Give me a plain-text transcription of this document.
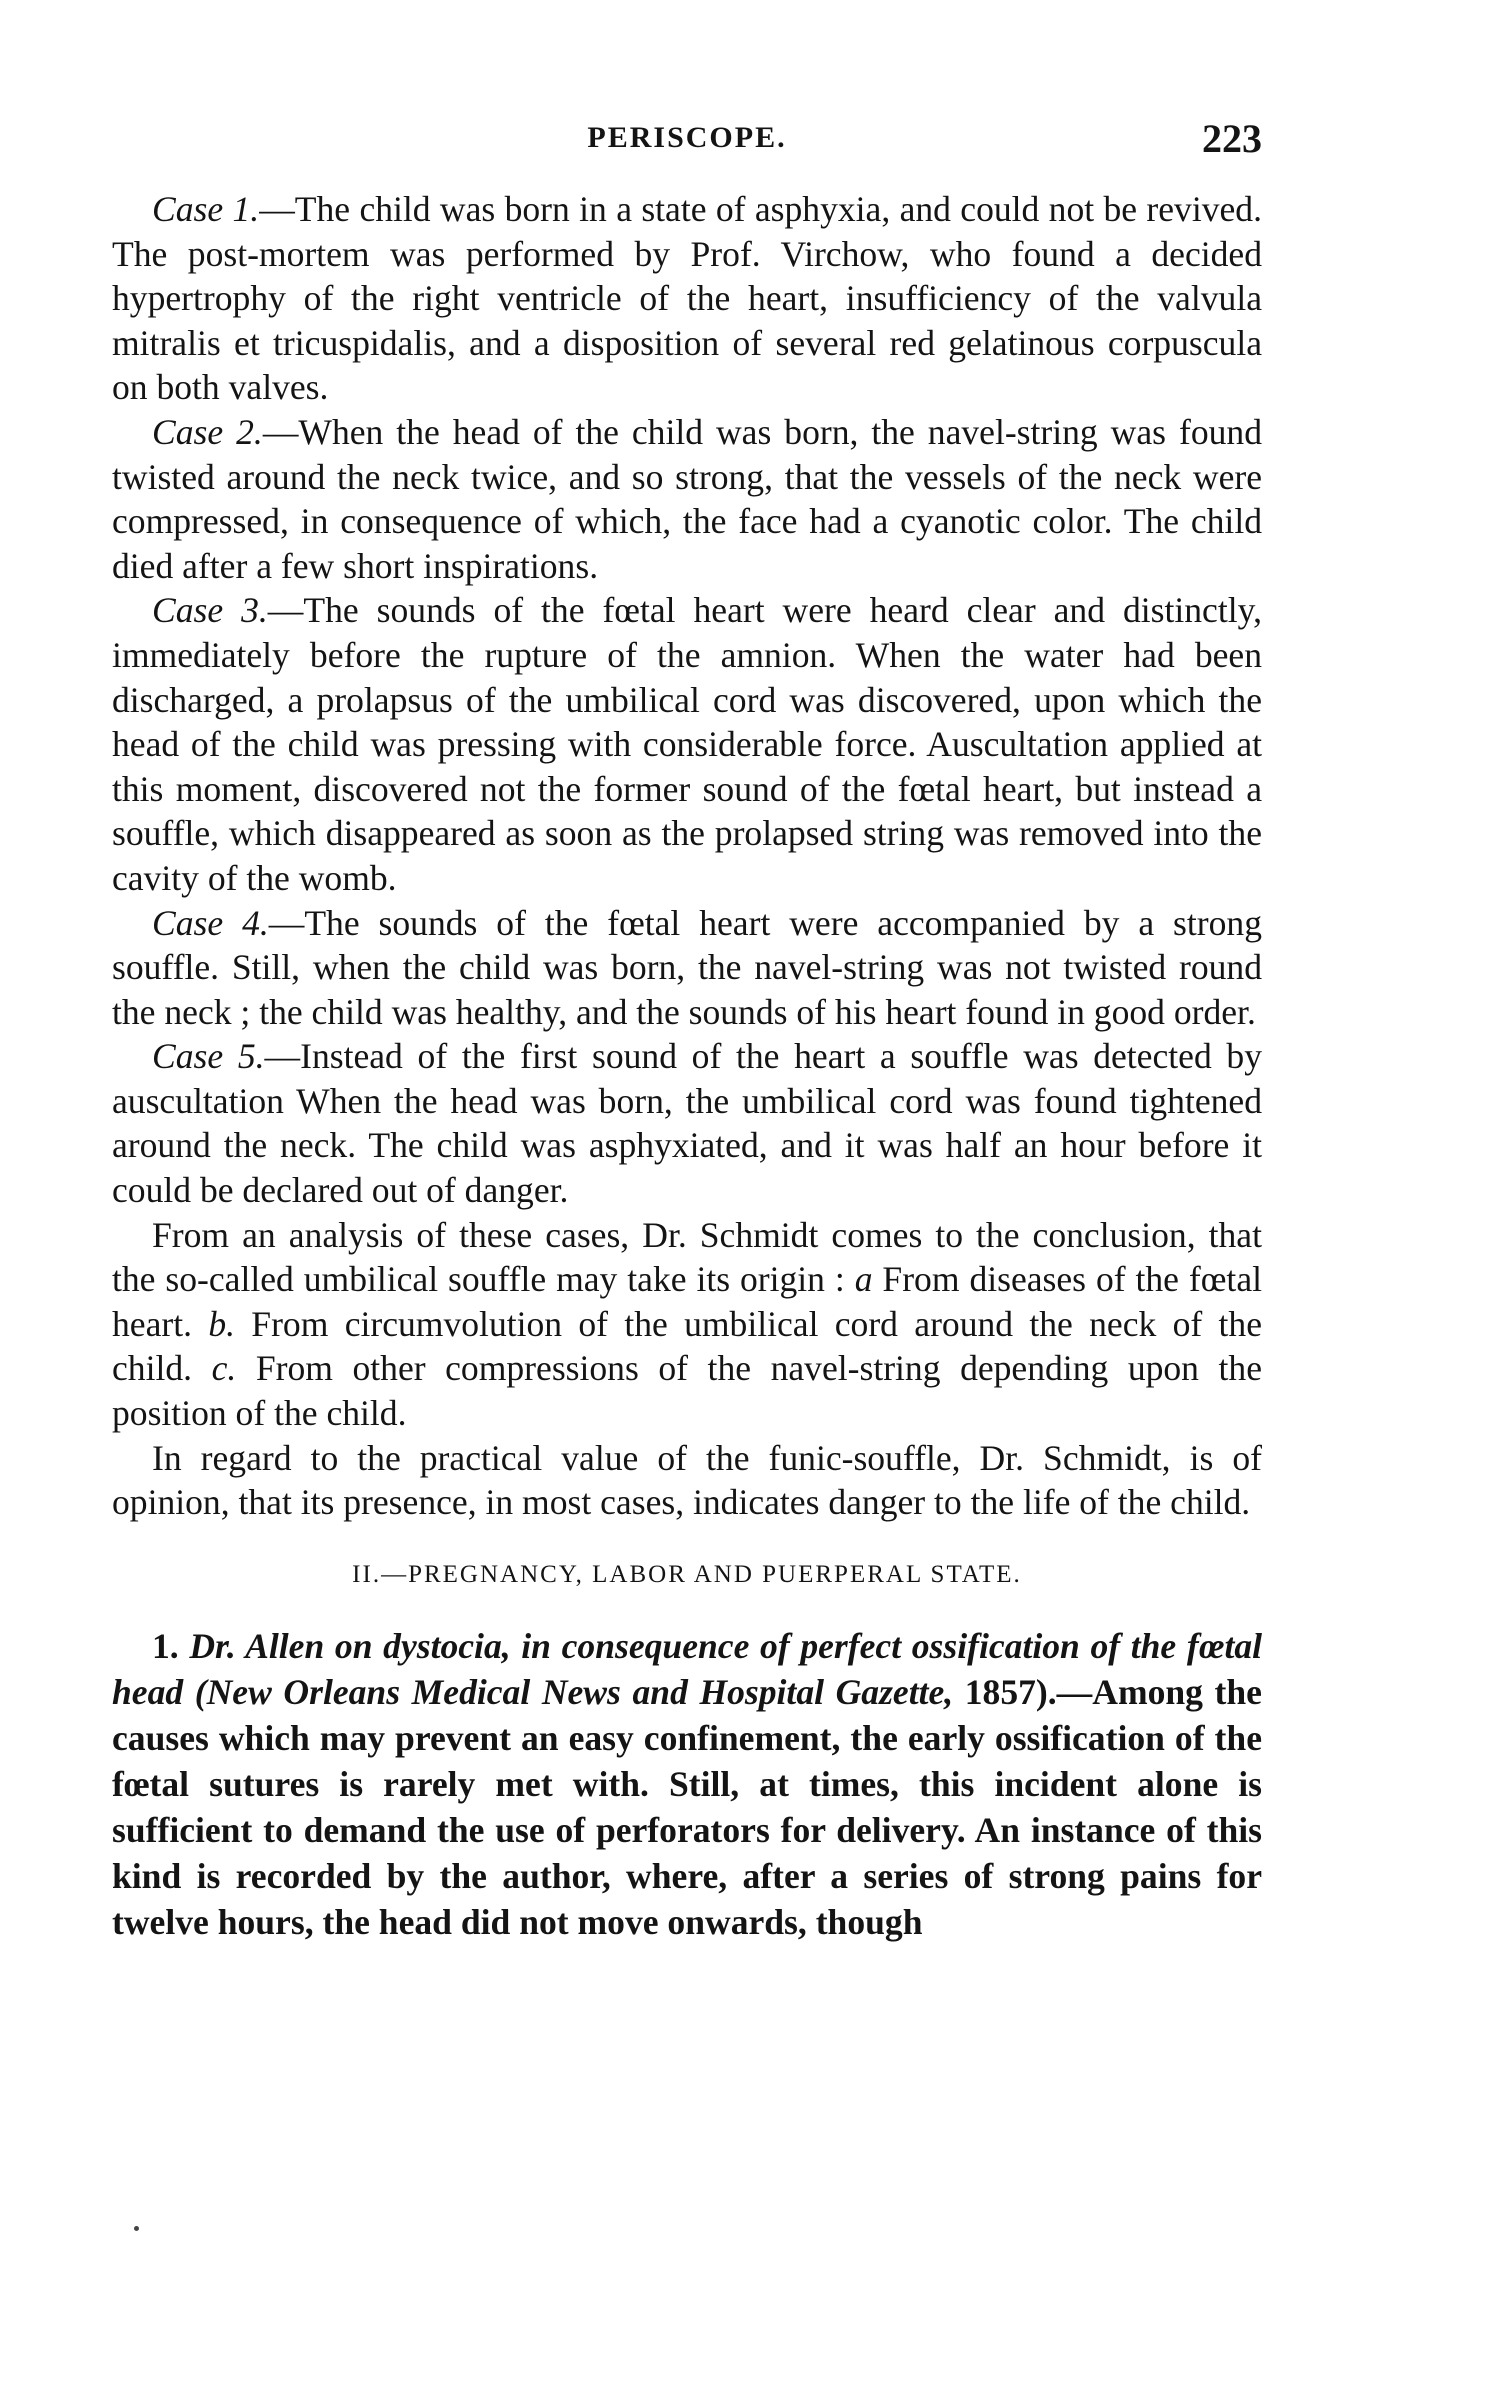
PERISCOPE.	223

Case 1.—The child was born in a state of asphyxia, and could not be revived. The post-mortem was performed by Prof. Virchow, who found a decided hypertrophy of the right ventricle of the heart, insufficiency of the valvula mitralis et tricuspidalis, and a disposition of several red gelatinous corpuscula on both valves.

Case 2.—When the head of the child was born, the navel-string was found twisted around the neck twice, and so strong, that the vessels of the neck were compressed, in consequence of which, the face had a cyanotic color. The child died after a few short inspirations.

Case 3.—The sounds of the fœtal heart were heard clear and distinctly, immediately before the rupture of the amnion. When the water had been discharged, a prolapsus of the umbilical cord was discovered, upon which the head of the child was pressing with considerable force. Auscultation applied at this moment, discovered not the former sound of the fœtal heart, but instead a souffle, which disappeared as soon as the prolapsed string was removed into the cavity of the womb.

Case 4.—The sounds of the fœtal heart were accompanied by a strong souffle. Still, when the child was born, the navel-string was not twisted round the neck ; the child was healthy, and the sounds of his heart found in good order.

Case 5.—Instead of the first sound of the heart a souffle was detected by auscultation When the head was born, the umbilical cord was found tightened around the neck. The child was asphyxiated, and it was half an hour before it could be declared out of danger.

From an analysis of these cases, Dr. Schmidt comes to the conclusion, that the so-called umbilical souffle may take its origin : a From diseases of the fœtal heart. b. From circumvolution of the umbilical cord around the neck of the child. c. From other compressions of the navel-string depending upon the position of the child.

In regard to the practical value of the funic-souffle, Dr. Schmidt, is of opinion, that its presence, in most cases, indicates danger to the life of the child.

II.—PREGNANCY, LABOR AND PUERPERAL STATE.

1. Dr. Allen on dystocia, in consequence of perfect ossification of the fœtal head (New Orleans Medical News and Hospital Gazette, 1857).—Among the causes which may prevent an easy confinement, the early ossification of the fœtal sutures is rarely met with. Still, at times, this incident alone is sufficient to demand the use of perforators for delivery. An instance of this kind is recorded by the author, where, after a series of strong pains for twelve hours, the head did not move onwards, though
